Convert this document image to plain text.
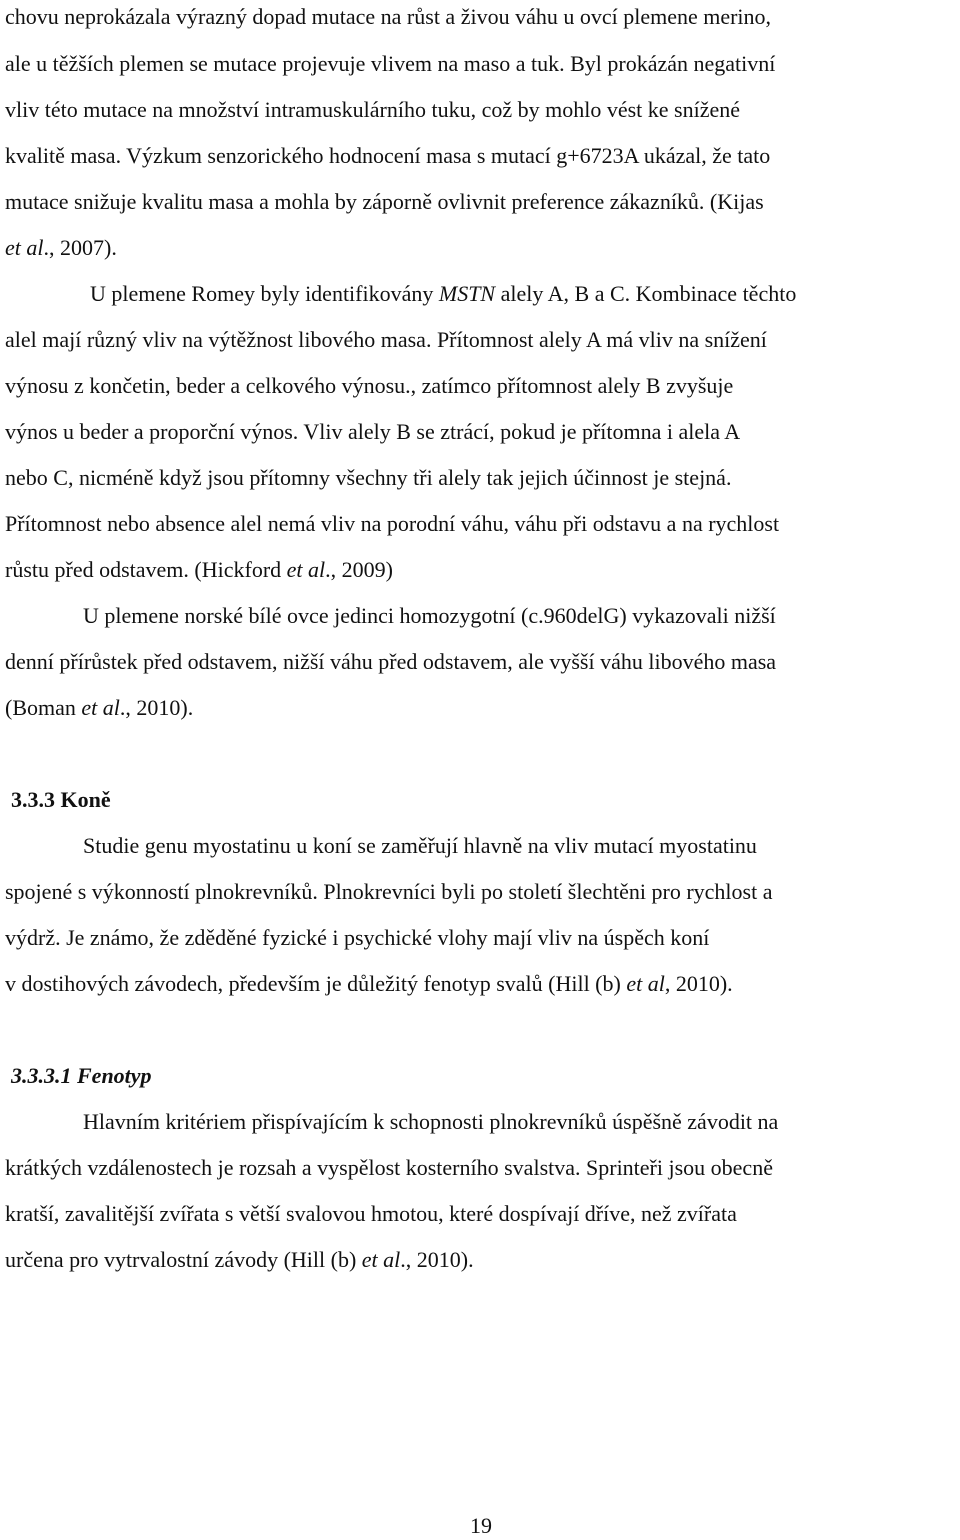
chovu neprokázala výrazný dopad mutace na růst a živou váhu u ovcí plemene merino,

ale u těžších plemen se mutace projevuje vlivem na maso a tuk. Byl prokázán negativní

vliv této mutace na množství intramuskulárního tuku, což by mohlo vést ke snížené

kvalitě masa. Výzkum senzorického hodnocení masa s mutací g+6723A ukázal, že tato

mutace snižuje kvalitu masa a mohla by záporně ovlivnit preference zákazníků. (Kijas

et al., 2007).

U plemene Romey byly identifikovány MSTN alely A, B a C. Kombinace těchto

alel mají různý vliv na výtěžnost libového masa. Přítomnost alely A má vliv na snížení

výnosu z končetin, beder a celkového výnosu., zatímco přítomnost alely B zvyšuje

výnos u beder a proporční výnos. Vliv alely B se ztrácí, pokud je přítomna i alela A

nebo C, nicméně když jsou přítomny všechny tři alely tak jejich účinnost je stejná.

Přítomnost nebo absence alel nemá vliv na porodní váhu, váhu při odstavu a na rychlost

růstu před odstavem. (Hickford et al., 2009)

U plemene norské bílé ovce jedinci homozygotní (c.960delG) vykazovali nižší

denní přírůstek před odstavem, nižší váhu před odstavem, ale vyšší váhu libového masa

(Boman et al., 2010).

3.3.3 Koně

Studie genu myostatinu u koní se zaměřují hlavně na vliv mutací myostatinu

spojené s výkonností plnokrevníků. Plnokrevníci byli po století šlechtěni pro rychlost a

výdrž. Je známo, že zděděné fyzické i psychické vlohy mají vliv na úspěch koní

v dostihových závodech, především je důležitý fenotyp svalů (Hill (b) et al, 2010).

3.3.3.1 Fenotyp

Hlavním kritériem přispívajícím k schopnosti plnokrevníků úspěšně závodit na

krátkých vzdálenostech je rozsah a vyspělost kosterního svalstva. Sprinteři jsou obecně

kratší, zavalitější zvířata s větší svalovou hmotou, které dospívají dříve, než zvířata

určena pro vytrvalostní závody (Hill (b) et al., 2010).

19
